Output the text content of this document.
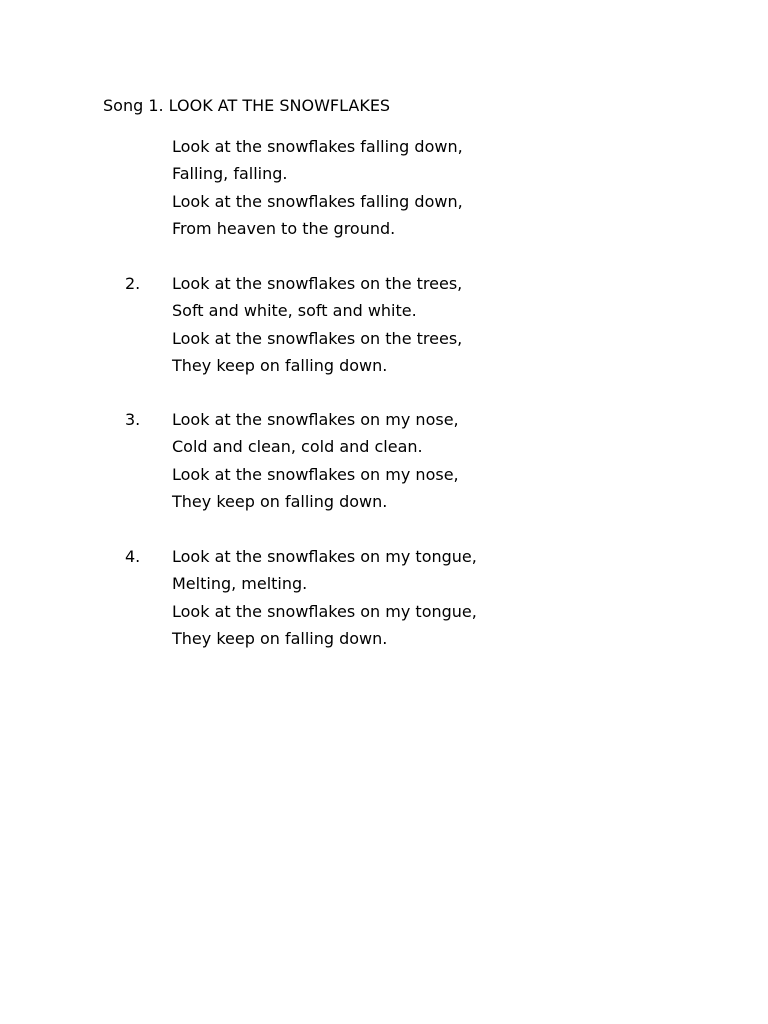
Song 1. LOOK AT THE SNOWFLAKES
Look at the snowflakes falling down,
Falling, falling.
Look at the snowflakes falling down,
From heaven to the ground.
2. Look at the snowflakes on the trees,
Soft and white, soft and white.
Look at the snowflakes on the trees,
They keep on falling down.
3. Look at the snowflakes on my nose,
Cold and clean, cold and clean.
Look at the snowflakes on my nose,
They keep on falling down.
4. Look at the snowflakes on my tongue,
Melting, melting.
Look at the snowflakes on my tongue,
They keep on falling down.
